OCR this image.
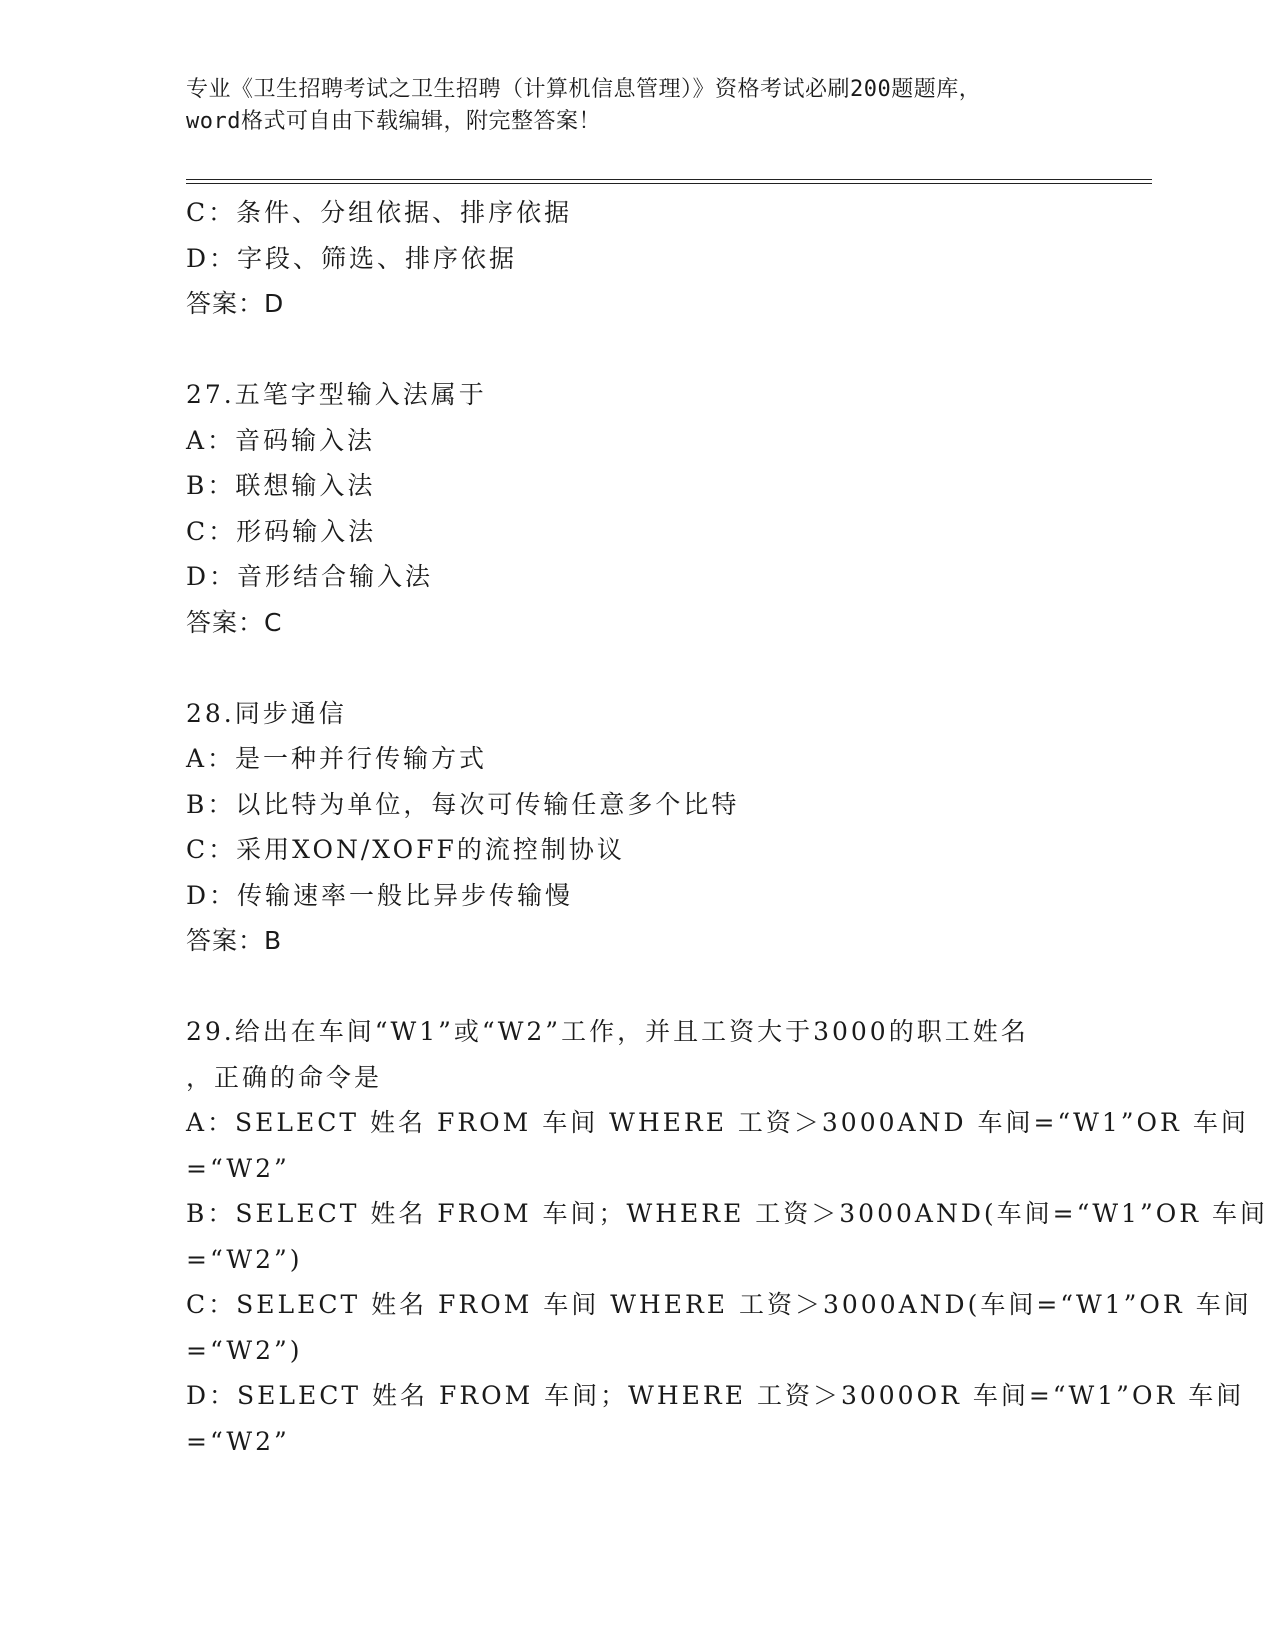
专业《卫生招聘考试之卫生招聘（计算机信息管理）》资格考试必刷200题题库，
word格式可自由下载编辑，附完整答案！
C：条件、分组依据、排序依据
D：字段、筛选、排序依据
答案：D
27.五笔字型输入法属于
A：音码输入法
B：联想输入法
C：形码输入法
D：音形结合输入法
答案：C
28.同步通信
A：是一种并行传输方式
B：以比特为单位，每次可传输任意多个比特
C：采用XON/XOFF的流控制协议
D：传输速率一般比异步传输慢
答案：B
29.给出在车间“W1”或“W2”工作，并且工资大于3000的职工姓名
，正确的命令是
A：SELECT 姓名 FROM 车间 WHERE 工资＞3000AND 车间=“W1”OR 车间
=“W2”
B：SELECT 姓名 FROM 车间；WHERE 工资＞3000AND(车间=“W1”OR 车间
=“W2”)
C：SELECT 姓名 FROM 车间 WHERE 工资＞3000AND(车间=“W1”OR 车间
=“W2”)
D：SELECT 姓名 FROM 车间；WHERE 工资＞3000OR 车间=“W1”OR 车间
=“W2”
